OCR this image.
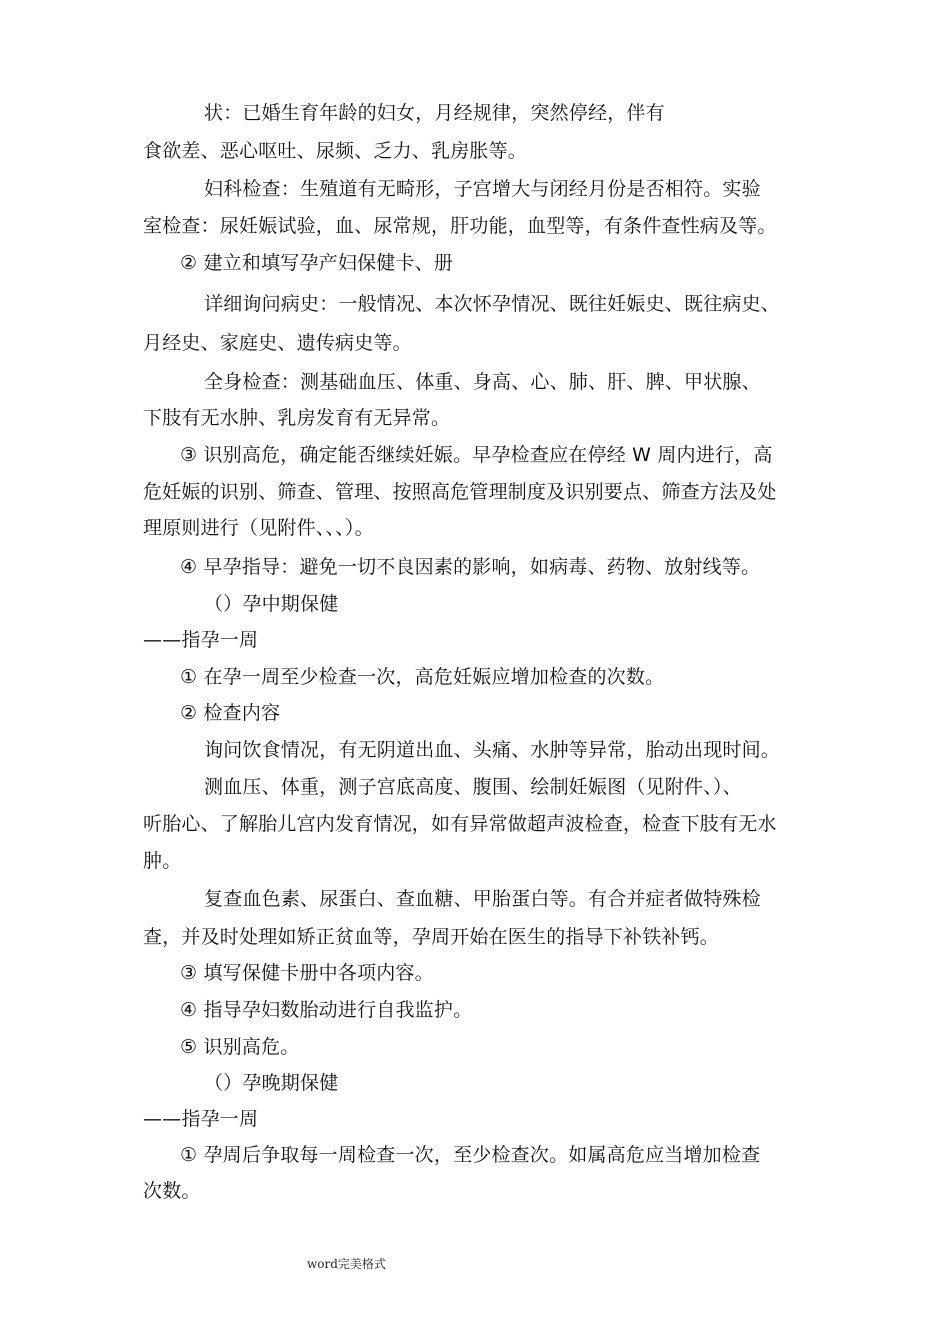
状：已婚生育年龄的妇女，月经规律，突然停经，伴有
食欲差、恶心呕吐、尿频、乏力、乳房胀等。
妇科检查：生殖道有无畸形，子宫增大与闭经月份是否相符。实验
室检查：尿妊娠试验，血、尿常规，肝功能，血型等，有条件查性病及等。
② 建立和填写孕产妇保健卡、册
详细询问病史：一般情况、本次怀孕情况、既往妊娠史、既往病史、
月经史、家庭史、遗传病史等。
全身检查：测基础血压、体重、身高、心、肺、肝、脾、甲状腺、
下肢有无水肿、乳房发育有无异常。
③ 识别高危，确定能否继续妊娠。早孕检查应在停经 W 周内进行，高
危妊娠的识别、筛查、管理、按照高危管理制度及识别要点、筛查方法及处
理原则进行（见附件、、、）。
④ 早孕指导：避免一切不良因素的影响，如病毒、药物、放射线等。
（）孕中期保健
——指孕一周
① 在孕一周至少检查一次，高危妊娠应增加检查的次数。
② 检查内容
询问饮食情况，有无阴道出血、头痛、水肿等异常，胎动出现时间。
测血压、体重，测子宫底高度、腹围、绘制妊娠图（见附件、）、
听胎心、了解胎儿宫内发育情况，如有异常做超声波检查，检查下肢有无水
肿。
复查血色素、尿蛋白、查血糖、甲胎蛋白等。有合并症者做特殊检
查，并及时处理如矫正贫血等，孕周开始在医生的指导下补铁补钙。
③ 填写保健卡册中各项内容。
④ 指导孕妇数胎动进行自我监护。
⑤ 识别高危。
（）孕晚期保健
——指孕一周
① 孕周后争取每一周检查一次，至少检查次。如属高危应当增加检查
次数。
word完美格式
